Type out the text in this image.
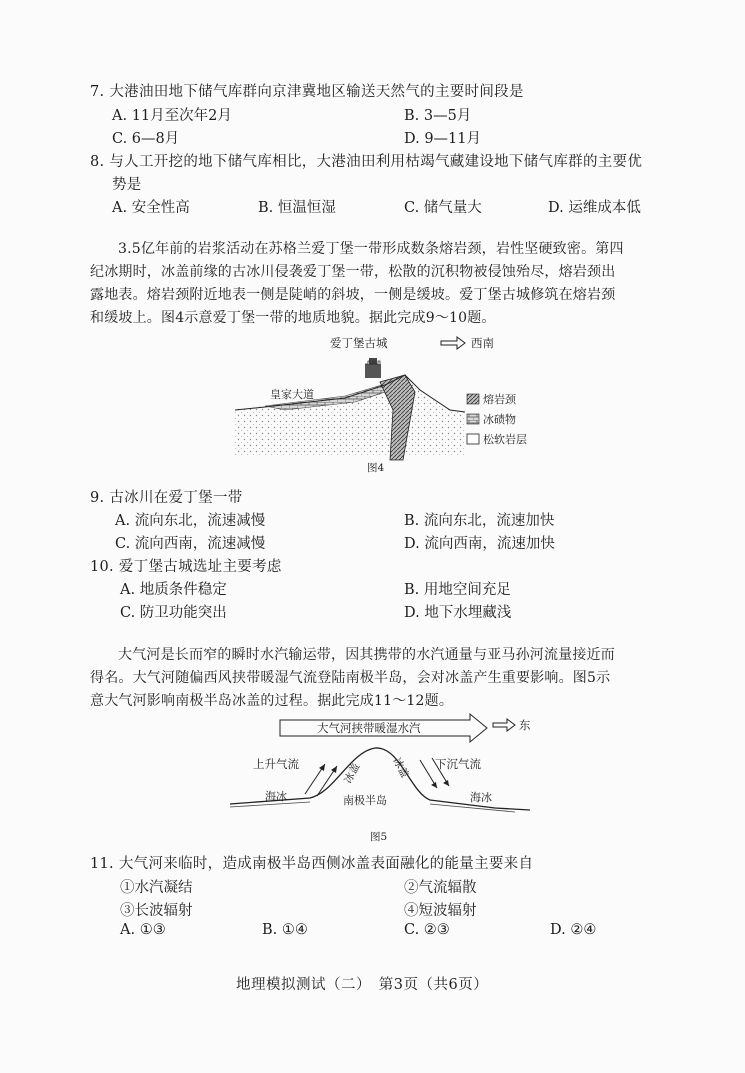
7. 大港油田地下储气库群向京津冀地区输送天然气的主要时间段是
A. 11月至次年2月	B. 3—5月
C. 6—8月	D. 9—11月
8. 与人工开挖的地下储气库相比，大港油田利用枯竭气藏建设地下储气库群的主要优
势是
A. 安全性高	B. 恒温恒湿	C. 储气量大	D. 运维成本低
3.5亿年前的岩浆活动在苏格兰爱丁堡一带形成数条熔岩颈，岩性坚硬致密。第四
纪冰期时，冰盖前缘的古冰川侵袭爱丁堡一带，松散的沉积物被侵蚀殆尽，熔岩颈出
露地表。熔岩颈附近地表一侧是陡峭的斜坡，一侧是缓坡。爱丁堡古城修筑在熔岩颈
和缓坡上。图4示意爱丁堡一带的地质地貌。据此完成9～10题。
爱丁堡古城	西南
皇家大道	熔岩颈
冰碛物
松软岩层
图4
9. 古冰川在爱丁堡一带
A. 流向东北，流速减慢	B. 流向东北，流速加快
C. 流向西南，流速减慢	D. 流向西南，流速加快
10. 爱丁堡古城选址主要考虑
A. 地质条件稳定	B. 用地空间充足
C. 防卫功能突出	D. 地下水埋藏浅
大气河是长而窄的瞬时水汽输运带，因其携带的水汽通量与亚马孙河流量接近而
得名。大气河随偏西风挟带暖湿气流登陆南极半岛，会对冰盖产生重要影响。图5示
意大气河影响南极半岛冰盖的过程。据此完成11～12题。
大气河挟带暖湿水汽	东
上升气流	下沉气流
海冰	海冰
冰盖	冰盖
南极半岛
图5
11. 大气河来临时，造成南极半岛西侧冰盖表面融化的能量主要来自
①水汽凝结	②气流辐散
③长波辐射	④短波辐射
A. ①③	B. ①④	C. ②③	D. ②④
地理模拟测试（二）　第3页（共6页）
